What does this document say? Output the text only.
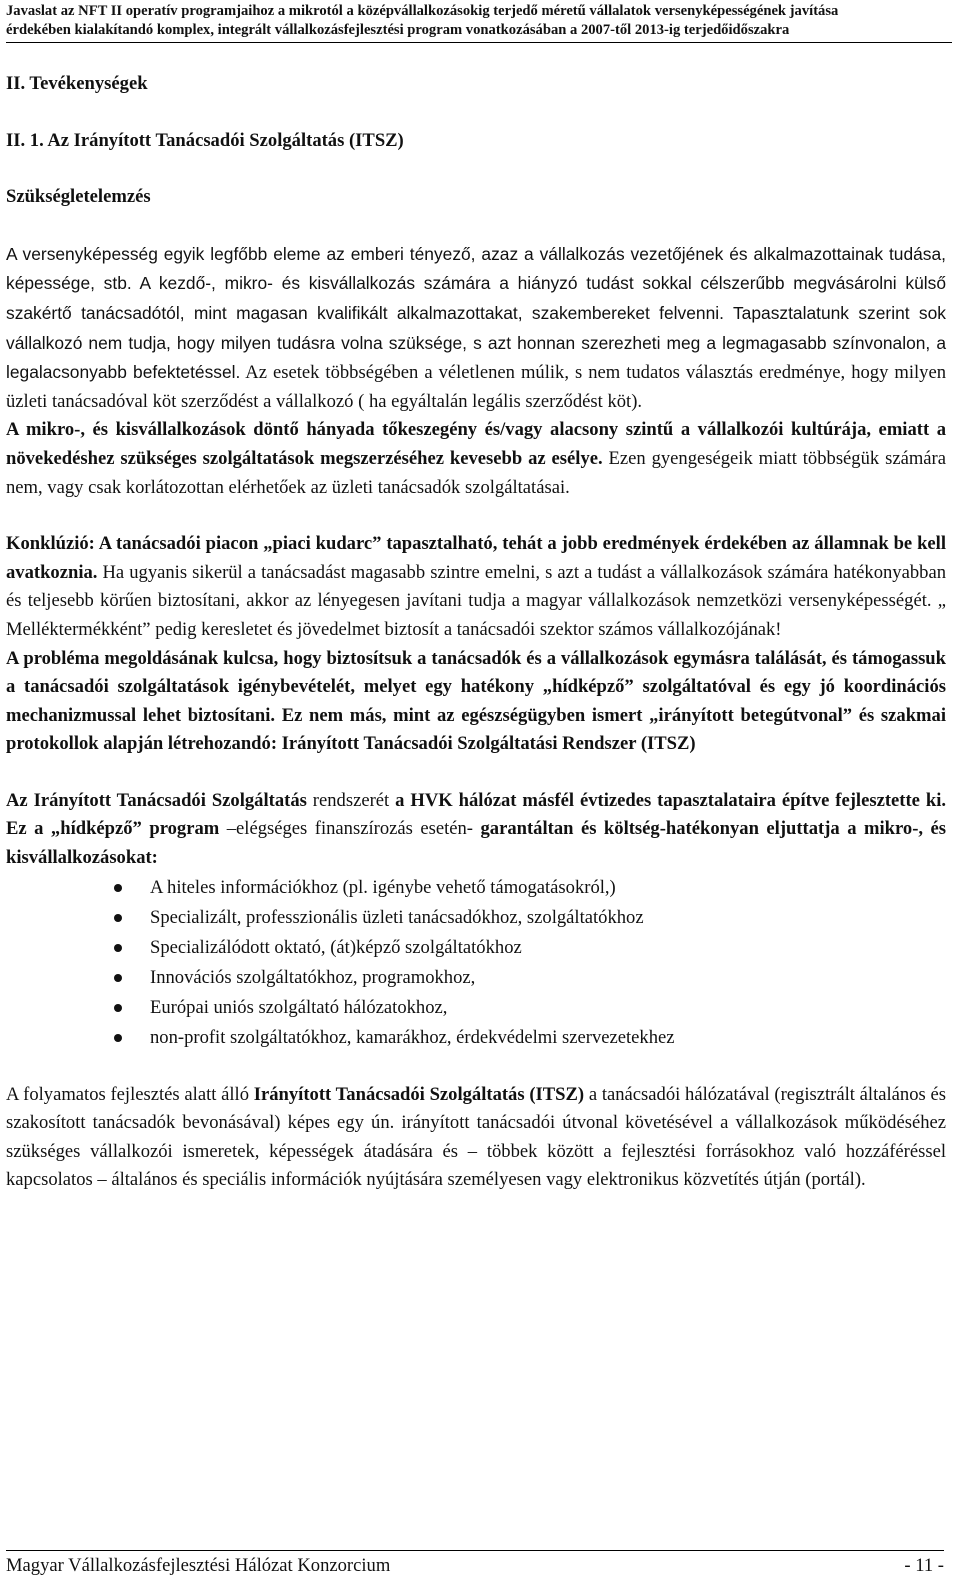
Javaslat az NFT II operatív programjaihoz a mikrotól a középvállalkozásokig terjedő méretű vállalatok versenyképességének javítása
érdekében kialakítandó komplex, integrált vállalkozásfejlesztési program vonatkozásában a 2007-től 2013-ig terjedőidőszakra

II. Tevékenységek

II. 1. Az Irányított Tanácsadói Szolgáltatás (ITSZ)

Szükségletelemzés

A versenyképesség egyik legfőbb eleme az emberi tényező, azaz a vállalkozás vezetőjének és alkalmazottainak tudása, képessége, stb. A kezdő-, mikro- és kisvállalkozás számára a hiányzó tudást sokkal célszerűbb megvásárolni külső szakértő tanácsadótól, mint magasan kvalifikált alkalmazottakat, szakembereket felvenni. Tapasztalatunk szerint sok vállalkozó nem tudja, hogy milyen tudásra volna szüksége, s azt honnan szerezheti meg a legmagasabb színvonalon, a legalacsonyabb befektetéssel. Az esetek többségében a véletlenen múlik, s nem tudatos választás eredménye, hogy milyen üzleti tanácsadóval köt szerződést a vállalkozó ( ha egyáltalán legális szerződést köt).

A mikro-, és kisvállalkozások döntő hányada tőkeszegény és/vagy alacsony szintű a vállalkozói kultúrája, emiatt a növekedéshez szükséges szolgáltatások megszerzéséhez kevesebb az esélye. Ezen gyengeségeik miatt többségük számára nem, vagy csak korlátozottan elérhetőek az üzleti tanácsadók szolgáltatásai.

Konklúzió: A tanácsadói piacon „piaci kudarc” tapasztalható, tehát a jobb eredmények érdekében az államnak be kell avatkoznia. Ha ugyanis sikerül a tanácsadást magasabb szintre emelni, s azt a tudást a vállalkozások számára hatékonyabban és teljesebb körűen biztosítani, akkor az lényegesen javítani tudja a magyar vállalkozások nemzetközi versenyképességét. „ Melléktermékként” pedig keresletet és jövedelmet biztosít a tanácsadói szektor számos vállalkozójának!

A probléma megoldásának kulcsa, hogy biztosítsuk a tanácsadók és a vállalkozások egymásra találását, és támogassuk a tanácsadói szolgáltatások igénybevételét, melyet egy hatékony „hídképző” szolgáltatóval és egy jó koordinációs mechanizmussal lehet biztosítani. Ez nem más, mint az egészségügyben ismert „irányított betegútvonal” és szakmai protokollok alapján létrehozandó: Irányított Tanácsadói Szolgáltatási Rendszer (ITSZ)

Az Irányított Tanácsadói Szolgáltatás rendszerét a HVK hálózat másfél évtizedes tapasztalataira építve fejlesztette ki. Ez a „hídképző” program –elégséges finanszírozás esetén- garantáltan és költség-hatékonyan eljuttatja a mikro-, és kisvállalkozásokat:

A hiteles információkhoz (pl. igénybe vehető támogatásokról,)
Specializált, professzionális üzleti tanácsadókhoz, szolgáltatókhoz
Specializálódott oktató, (át)képző szolgáltatókhoz
Innovációs szolgáltatókhoz, programokhoz,
Európai uniós szolgáltató hálózatokhoz,
non-profit szolgáltatókhoz, kamarákhoz, érdekvédelmi szervezetekhez

A folyamatos fejlesztés alatt álló Irányított Tanácsadói Szolgáltatás (ITSZ) a tanácsadói hálózatával (regisztrált általános és szakosított tanácsadók bevonásával) képes egy ún. irányított tanácsadói útvonal követésével a vállalkozások működéséhez szükséges vállalkozói ismeretek, képességek átadására és – többek között a fejlesztési forrásokhoz való hozzáféréssel kapcsolatos – általános és speciális információk nyújtására személyesen vagy elektronikus közvetítés útján (portál).

Magyar Vállalkozásfejlesztési Hálózat Konzorcium	- 11 -
